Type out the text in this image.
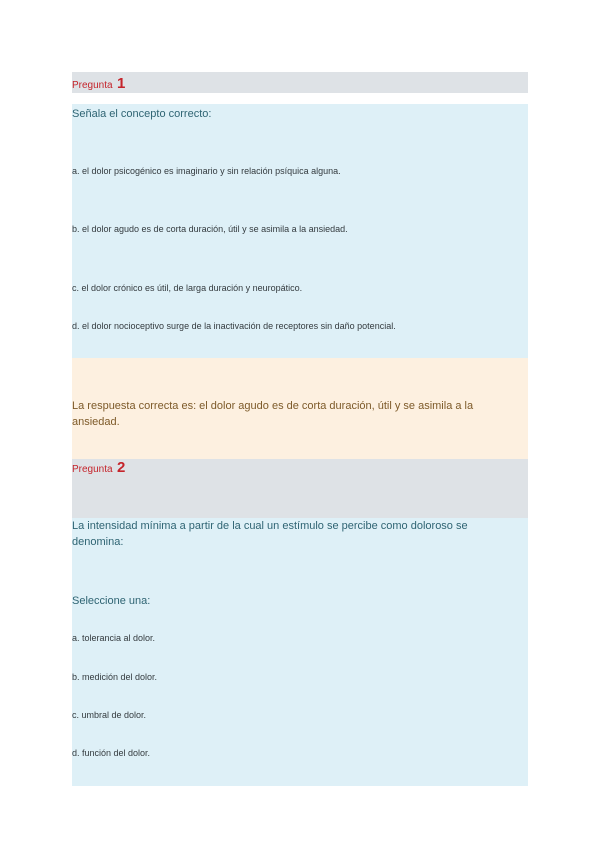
Pregunta 1
Señala el concepto correcto:
a. el dolor psicogénico es imaginario y sin relación psíquica alguna.
b. el dolor agudo es de corta duración, útil y se asimila a la ansiedad.
c. el dolor crónico es útil, de larga duración y neuropático.
d. el dolor nocioceptivo surge de la inactivación de receptores sin daño potencial.
La respuesta correcta es: el dolor agudo es de corta duración, útil y se asimila a la ansiedad.
Pregunta 2
La intensidad mínima a partir de la cual un estímulo se percibe como doloroso se denomina:
Seleccione una:
a. tolerancia al dolor.
b. medición del dolor.
c. umbral de dolor.
d. función del dolor.
